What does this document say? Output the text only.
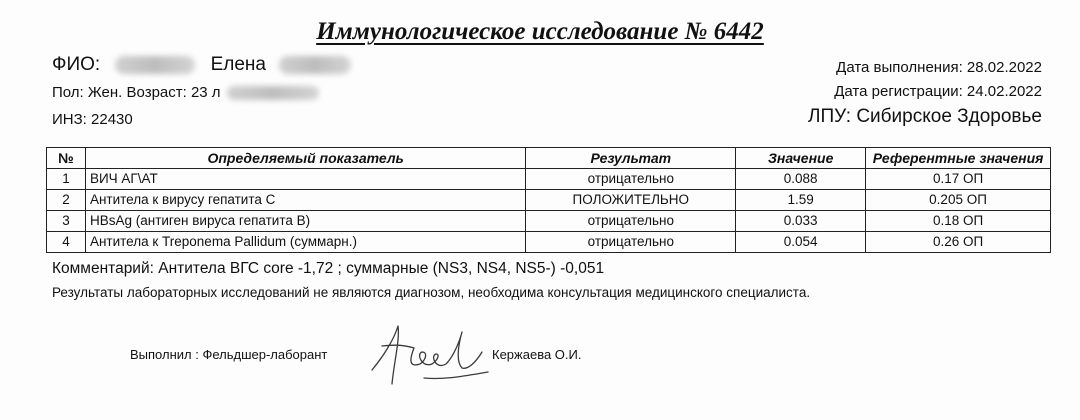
Иммунологическое исследование № 6442
ФИО:	Елена
Пол: Жен. Возраст: 23 л
ИНЗ: 22430
Дата выполнения: 28.02.2022
Дата регистрации: 24.02.2022
ЛПУ: Сибирское Здоровье
№	Определяемый показатель	Результат	Значение	Референтные значения
1	ВИЧ АГ\АТ	отрицательно	0.088	0.17 ОП
2	Антитела к вирусу гепатита С	ПОЛОЖИТЕЛЬНО	1.59	0.205 ОП
3	HBsAg (антиген вируса гепатита В)	отрицательно	0.033	0.18 ОП
4	Антитела к Treponema Pallidum (суммарн.)	отрицательно	0.054	0.26 ОП
Комментарий: Антитела ВГС core -1,72 ; суммарные (NS3, NS4, NS5-) -0,051
Результаты лабораторных исследований не являются диагнозом, необходима консультация медицинского специалиста.
Выполнил : Фельдшер-лаборант	Кержаева О.И.
